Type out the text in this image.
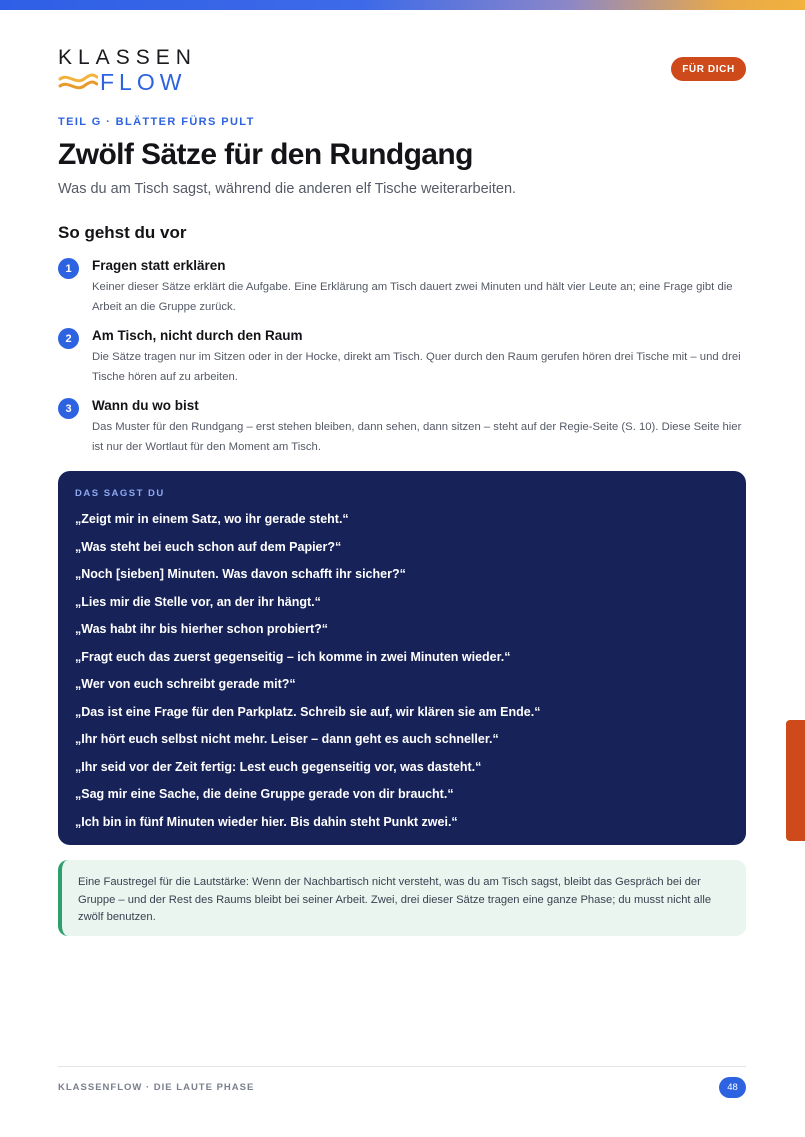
KLASSEN
FLOW	FÜR DICH
TEIL G · BLÄTTER FÜRS PULT
Zwölf Sätze für den Rundgang

Was du am Tisch sagst, während die anderen elf Tische weiterarbeiten.

So gehst du vor
1	Fragen statt erklären
Keiner dieser Sätze erklärt die Aufgabe. Eine Erklärung am Tisch dauert zwei Minuten und hält vier Leute an; eine Frage gibt die Arbeit an die Gruppe zurück.
2	Am Tisch, nicht durch den Raum
Die Sätze tragen nur im Sitzen oder in der Hocke, direkt am Tisch. Quer durch den Raum gerufen hören drei Tische mit – und drei Tische hören auf zu arbeiten.
3	Wann du wo bist
Das Muster für den Rundgang – erst stehen bleiben, dann sehen, dann sitzen – steht auf der Regie-Seite (S. 10). Diese Seite hier ist nur der Wortlaut für den Moment am Tisch.
DAS SAGST DU
„Zeigt mir in einem Satz, wo ihr gerade steht.“
„Was steht bei euch schon auf dem Papier?“
„Noch [sieben] Minuten. Was davon schafft ihr sicher?“
„Lies mir die Stelle vor, an der ihr hängt.“
„Was habt ihr bis hierher schon probiert?“
„Fragt euch das zuerst gegenseitig – ich komme in zwei Minuten wieder.“
„Wer von euch schreibt gerade mit?“
„Das ist eine Frage für den Parkplatz. Schreib sie auf, wir klären sie am Ende.“
„Ihr hört euch selbst nicht mehr. Leiser – dann geht es auch schneller.“
„Ihr seid vor der Zeit fertig: Lest euch gegenseitig vor, was dasteht.“
„Sag mir eine Sache, die deine Gruppe gerade von dir braucht.“
„Ich bin in fünf Minuten wieder hier. Bis dahin steht Punkt zwei.“

Eine Faustregel für die Lautstärke: Wenn der Nachbartisch nicht versteht, was du am Tisch sagst, bleibt das Gespräch bei der Gruppe – und der Rest des Raums bleibt bei seiner Arbeit. Zwei, drei dieser Sätze tragen eine ganze Phase; du musst nicht alle zwölf benutzen.

KLASSENFLOW · DIE LAUTE PHASE	48
